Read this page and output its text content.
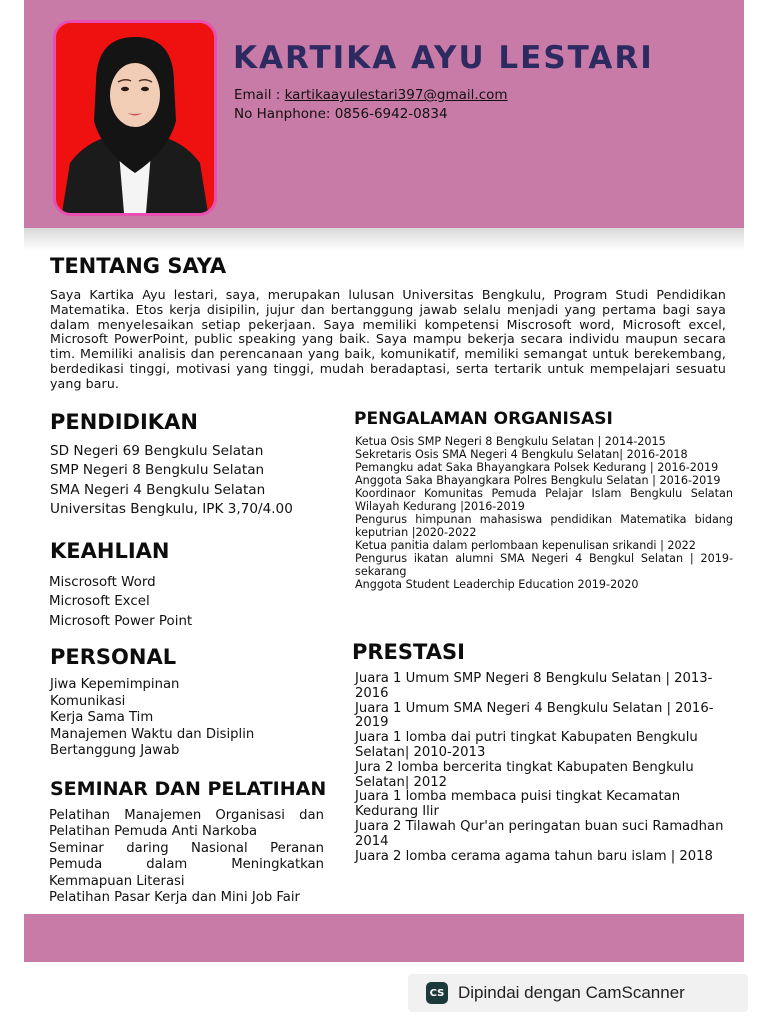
KARTIKA AYU LESTARI
Email : kartikaayulestari397@gmail.com
No Hanphone: 0856-6942-0834
TENTANG SAYA
Saya Kartika Ayu lestari, saya, merupakan lulusan Universitas Bengkulu, Program Studi Pendidikan Matematika. Etos kerja disipilin, jujur dan bertanggung jawab selalu menjadi yang pertama bagi saya dalam menyelesaikan setiap pekerjaan. Saya memiliki kompetensi Miscrosoft word, Microsoft excel, Microsoft PowerPoint, public speaking yang baik. Saya mampu bekerja secara individu maupun secara tim. Memiliki analisis dan perencanaan yang baik, komunikatif, memiliki semangat untuk berekembang, berdedikasi tinggi, motivasi yang tinggi, mudah beradaptasi, serta tertarik untuk mempelajari sesuatu yang baru.
PENDIDIKAN
SD Negeri 69 Bengkulu Selatan
SMP Negeri 8 Bengkulu Selatan
SMA Negeri 4 Bengkulu Selatan
Universitas Bengkulu, IPK 3,70/4.00
KEAHLIAN
Miscrosoft Word
Microsoft Excel
Microsoft Power Point
PERSONAL
Jiwa Kepemimpinan
Komunikasi
Kerja Sama Tim
Manajemen Waktu dan Disiplin
Bertanggung Jawab
SEMINAR DAN PELATIHAN
Pelatihan Manajemen Organisasi dan Pelatihan Pemuda Anti Narkoba
Seminar daring Nasional Peranan Pemuda dalam Meningkatkan Kemmapuan Literasi
Pelatihan Pasar Kerja dan Mini Job Fair
PENGALAMAN ORGANISASI
Ketua Osis SMP Negeri 8 Bengkulu Selatan | 2014-2015
Sekretaris Osis SMA Negeri 4 Bengkulu Selatan| 2016-2018
Pemangku adat Saka Bhayangkara Polsek Kedurang | 2016-2019
Anggota Saka Bhayangkara Polres Bengkulu Selatan | 2016-2019
Koordinaor Komunitas Pemuda Pelajar Islam Bengkulu Selatan Wilayah Kedurang |2016-2019
Pengurus himpunan mahasiswa pendidikan Matematika bidang keputrian |2020-2022
Ketua panitia dalam perlombaan kepenulisan srikandi | 2022
Pengurus ikatan alumni SMA Negeri 4 Bengkul Selatan | 2019-sekarang
Anggota Student Leaderchip Education 2019-2020
PRESTASI
Juara 1 Umum SMP Negeri 8 Bengkulu Selatan | 2013-2016
Juara 1 Umum SMA Negeri 4 Bengkulu Selatan | 2016-2019
Juara 1 lomba dai putri tingkat Kabupaten Bengkulu Selatan| 2010-2013
Jura 2 lomba bercerita tingkat Kabupaten Bengkulu Selatan| 2012
Juara 1 lomba membaca puisi tingkat Kecamatan Kedurang Ilir
Juara 2 Tilawah Qur'an peringatan buan suci Ramadhan 2014
Juara 2 lomba cerama agama tahun baru islam | 2018
CS Dipindai dengan CamScanner
